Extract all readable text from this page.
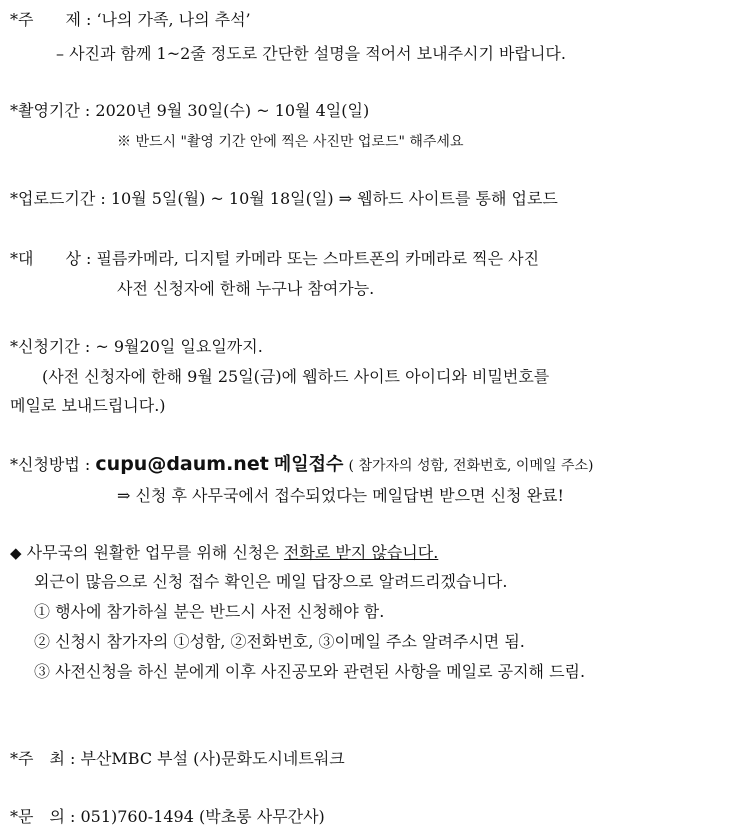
*주　　제 : ‘나의 가족, 나의 추석’
– 사진과 함께 1~2줄 정도로 간단한 설명을 적어서 보내주시기 바랍니다.
*촬영기간 : 2020년 9월 30일(수) ~ 10월 4일(일)
※ 반드시 "촬영 기간 안에 찍은 사진만 업로드" 해주세요
*업로드기간 : 10월 5일(월) ~ 10월 18일(일) ⇒ 웹하드 사이트를 통해 업로드
*대　　상 : 필름카메라, 디지털 카메라 또는 스마트폰의 카메라로 찍은 사진
사전 신청자에 한해 누구나 참여가능.
*신청기간 : ~ 9월20일 일요일까지.
(사전 신청자에 한해 9월 25일(금)에 웹하드 사이트 아이디와 비밀번호를
메일로 보내드립니다.)
*신청방법 : cupu@daum.net 메일접수 ( 참가자의 성함, 전화번호, 이메일 주소)
⇒ 신청 후 사무국에서 접수되었다는 메일답변 받으면 신청 완료!
◆ 사무국의 원활한 업무를 위해 신청은 전화로 받지 않습니다.
외근이 많음으로 신청 접수 확인은 메일 답장으로 알려드리겠습니다.
① 행사에 참가하실 분은 반드시 사전 신청해야 함.
② 신청시 참가자의 ①성함, ②전화번호, ③이메일 주소 알려주시면 됨.
③ 사전신청을 하신 분에게 이후 사진공모와 관련된 사항을 메일로 공지해 드림.
*주　최 : 부산MBC 부설 (사)문화도시네트워크
*문　의 : 051)760-1494 (박초롱 사무간사)
